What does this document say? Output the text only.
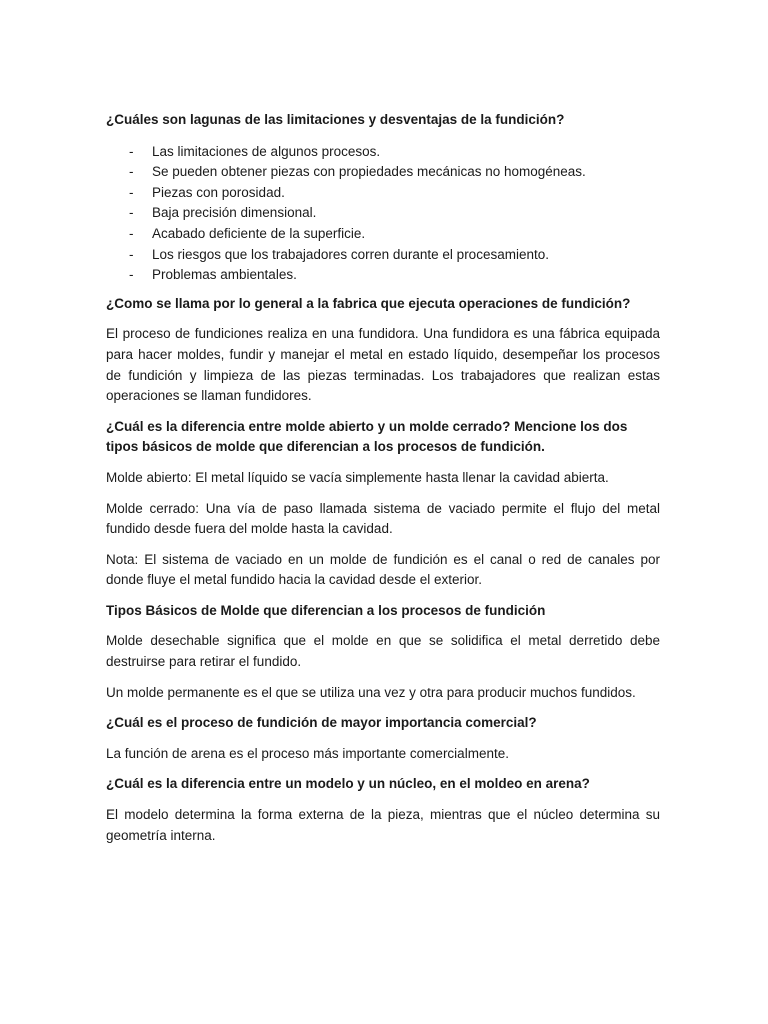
¿Cuáles son lagunas de las limitaciones y desventajas de la fundición?

- Las limitaciones de algunos procesos.
- Se pueden obtener piezas con propiedades mecánicas no homogéneas.
- Piezas con porosidad.
- Baja precisión dimensional.
- Acabado deficiente de la superficie.
- Los riesgos que los trabajadores corren durante el procesamiento.
- Problemas ambientales.

¿Como se llama por lo general a la fabrica que ejecuta operaciones de fundición?

El proceso de fundiciones realiza en una fundidora. Una fundidora es una fábrica equipada para hacer moldes, fundir y manejar el metal en estado líquido, desempeñar los procesos de fundición y limpieza de las piezas terminadas. Los trabajadores que realizan estas operaciones se llaman fundidores.

¿Cuál es la diferencia entre molde abierto y un molde cerrado? Mencione los dos tipos básicos de molde que diferencian a los procesos de fundición.

Molde abierto: El metal líquido se vacía simplemente hasta llenar la cavidad abierta.

Molde cerrado: Una vía de paso llamada sistema de vaciado permite el flujo del metal fundido desde fuera del molde hasta la cavidad.

Nota: El sistema de vaciado en un molde de fundición es el canal o red de canales por donde fluye el metal fundido hacia la cavidad desde el exterior.

Tipos Básicos de Molde que diferencian a los procesos de fundición

Molde desechable significa que el molde en que se solidifica el metal derretido debe destruirse para retirar el fundido.

Un molde permanente es el que se utiliza una vez y otra para producir muchos fundidos.

¿Cuál es el proceso de fundición de mayor importancia comercial?

La función de arena es el proceso más importante comercialmente.

¿Cuál es la diferencia entre un modelo y un núcleo, en el moldeo en arena?

El modelo determina la forma externa de la pieza, mientras que el núcleo determina su geometría interna.
